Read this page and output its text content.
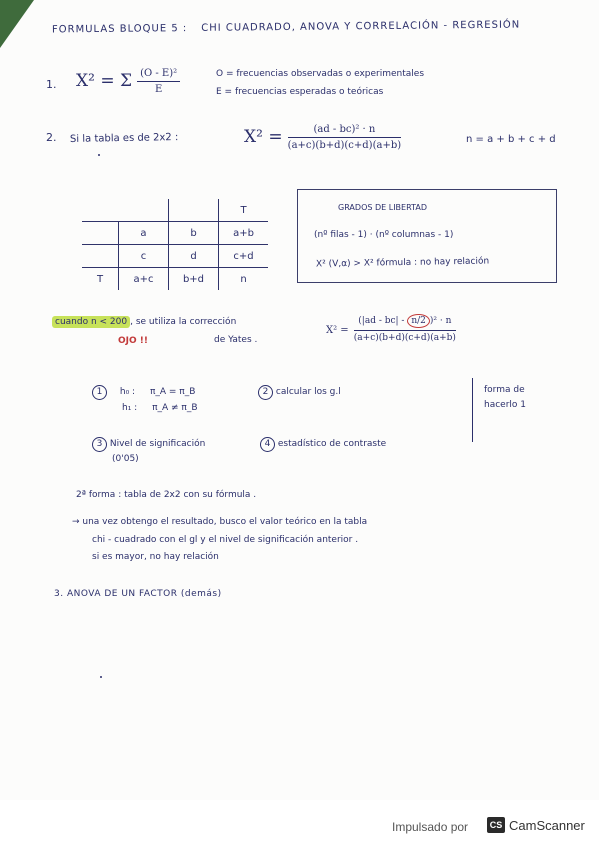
FORMULAS BLOQUE 5 : CHI CUADRADO, ANOVA Y CORRELACIÓN - REGRESIÓN
1. X² = Σ $\frac{\text{(O - E)²}}{E}$	O = frecuencias observadas o experimentales
E = frecuencias esperadas o teóricas
2. Si la tabla es de 2x2 :	$X^2 = \frac{\text{(ad - bc)² · n}}{(a+c)(b+d)(c+d)(a+b)}$	n = a + b + c + d
			T
	a	b	a+b
	c	d	c+d
T	a+c	b+d	n
GRADOS DE LIBERTAD
(nº filas - 1) · (nº columnas - 1)
X² (V,α) > X² fórmula : no hay relación
cuando n < 200 , se utiliza la corrección
de Yates .
OJO !!
$X^2 = \frac{\text{(|ad - bc| - n/2 )² · n}}{(a+c)(b+d)(c+d)(a+b)}$
1 h₀ : π_A = π_B
h₁ : π_A ≠ π_B
2 calcular los g.l	forma de
hacerlo 1
3 Nivel de significación
(0'05)
4 estadístico de contraste
2ª forma : tabla de 2x2 con su fórmula .
→ una vez obtengo el resultado, busco el valor teórico en la tabla
chi - cuadrado con el gl y el nivel de significación anterior .
si es mayor, no hay relación
3. ANOVA DE UN FACTOR (demás)
Impulsado por	CS CamScanner
